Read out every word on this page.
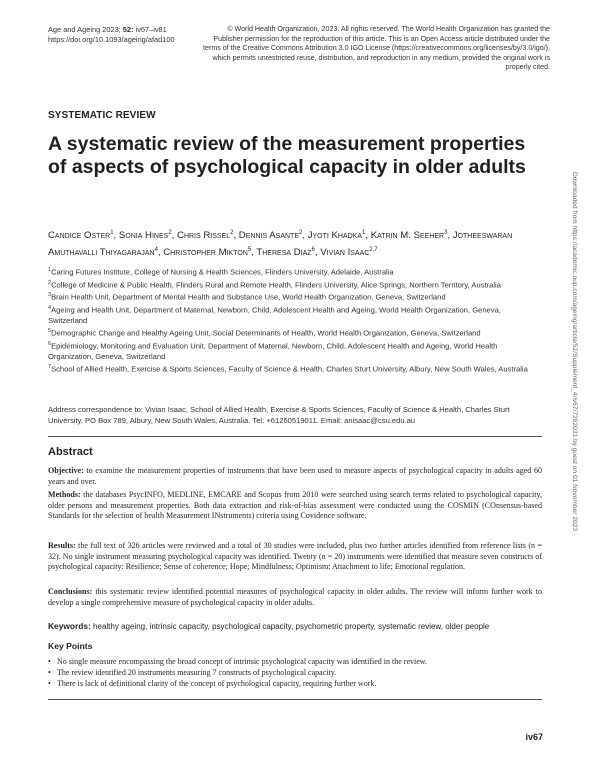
Age and Ageing 2023; 52: iv67–iv81
https://doi.org/10.1093/ageing/afad100
© World Health Organization, 2023. All rights reserved. The World Health Organization has granted the Publisher permission for the reproduction of this article. This is an Open Access article distributed under the terms of the Creative Commons Attribution 3.0 IGO License (https://creativecommons.org/licenses/by/3.0/igo/), which permits unrestricted reuse, distribution, and reproduction in any medium, provided the original work is properly cited.
SYSTEMATIC REVIEW
A systematic review of the measurement properties of aspects of psychological capacity in older adults
Candice Oster$^1$, Sonia Hines$^2$, Chris Rissel$^2$, Dennis Asante$^2$, Jyoti Khadka$^1$, Katrin M. Seeher$^3$, Jotheeswaran Amuthavalli Thiyagarajan$^4$, Christopher Mikton$^5$, Theresa Diaz$^6$, Vivian Isaac$^{2,7}$
$^1$Caring Futures Institute, College of Nursing & Health Sciences, Flinders University, Adelaide, Australia
$^2$College of Medicine & Public Health, Flinders Rural and Remote Health, Flinders University, Alice Springs, Northern Territory, Australia
$^3$Brain Health Unit, Department of Mental Health and Substance Use, World Health Organization, Geneva, Switzerland
$^4$Ageing and Health Unit, Department of Maternal, Newborn, Child, Adolescent Health and Ageing, World Health Organization, Geneva, Switzerland
$^5$Demographic Change and Healthy Ageing Unit, Social Determinants of Health, World Health Organization, Geneva, Switzerland
$^6$Epidemiology, Monitoring and Evaluation Unit, Department of Maternal, Newborn, Child, Adolescent Health and Ageing, World Health Organization, Geneva, Switzerland
$^7$School of Allied Health, Exercise & Sports Sciences, Faculty of Science & Health, Charles Sturt University, Albury, New South Wales, Australia
Address correspondence to: Vivian Isaac, School of Allied Health, Exercise & Sports Sciences, Faculty of Science & Health, Charles Sturt University, PO Box 789, Albury, New South Wales, Australia. Tel: +61260519011. Email: anisaac@csu.edu.au
Abstract
Objective: to examine the measurement properties of instruments that have been used to measure aspects of psychological capacity in adults aged 60 years and over.
Methods: the databases PsycINFO, MEDLINE, EMCARE and Scopus from 2010 were searched using search terms related to psychological capacity, older persons and measurement properties. Both data extraction and risk-of-bias assessment were conducted using the COSMIN (COnsensus-based Standards for the selection of health Measurement INstruments) criteria using Covidence software.
Results: the full text of 326 articles were reviewed and a total of 30 studies were included, plus two further articles identified from reference lists (n = 32). No single instrument measuring psychological capacity was identified. Twenty (n = 20) instruments were identified that measure seven constructs of psychological capacity: Resilience; Sense of coherence; Hope; Mindfulness; Optimism; Attachment to life; Emotional regulation.
Conclusions: this systematic review identified potential measures of psychological capacity in older adults. The review will inform further work to develop a single comprehensive measure of psychological capacity in older adults.
Keywords: healthy ageing, intrinsic capacity, psychological capacity, psychometric property, systematic review, older people
Key Points
• No single measure encompassing the broad concept of intrinsic psychological capacity was identified in the review.
• The review identified 20 instruments measuring 7 constructs of psychological capacity.
• There is lack of definitional clarity of the concept of psychological capacity, requiring further work.
Downloaded from https://academic.oup.com/ageing/article/52/Supplement_4/iv67/7292031 by guest on 01 November 2023
iv67
